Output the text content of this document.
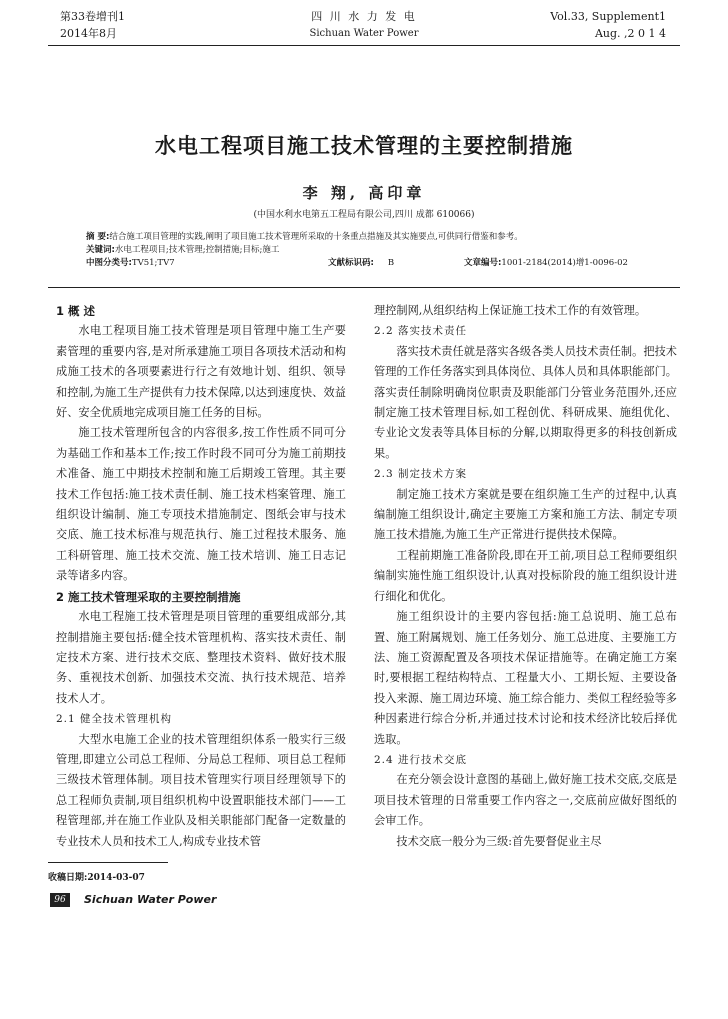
第33卷增刊1
2014年8月
四 川 水 力 发 电
Sichuan Water Power
Vol.33, Supplement1
Aug. ,2 0 1 4
水电工程项目施工技术管理的主要控制措施
李 翔, 高印章
(中国水利水电第五工程局有限公司,四川 成都 610066)
摘 要:结合施工项目管理的实践,阐明了项目施工技术管理所采取的十条重点措施及其实施要点,可供同行借鉴和参考。
关键词:水电工程项目;技术管理;控制措施;目标;施工
中图分类号:TV51;TV7	文献标识码: B	文章编号:1001-2184(2014)增1-0096-02
1 概 述

水电工程项目施工技术管理是项目管理中施工生产要素管理的重要内容,是对所承建施工项目各项技术活动和构成施工技术的各项要素进行行之有效地计划、组织、领导和控制,为施工生产提供有力技术保障,以达到速度快、效益好、安全优质地完成项目施工任务的目标。

施工技术管理所包含的内容很多,按工作性质不同可分为基础工作和基本工作;按工作时段不同可分为施工前期技术准备、施工中期技术控制和施工后期竣工管理。其主要技术工作包括:施工技术责任制、施工技术档案管理、施工组织设计编制、施工专项技术措施制定、图纸会审与技术交底、施工技术标准与规范执行、施工过程技术服务、施工科研管理、施工技术交流、施工技术培训、施工日志记录等诸多内容。

2 施工技术管理采取的主要控制措施

水电工程施工技术管理是项目管理的重要组成部分,其控制措施主要包括:健全技术管理机构、落实技术责任、制定技术方案、进行技术交底、整理技术资料、做好技术服务、重视技术创新、加强技术交流、执行技术规范、培养技术人才。

2.1 健全技术管理机构

大型水电施工企业的技术管理组织体系一般实行三级管理,即建立公司总工程师、分局总工程师、项目总工程师三级技术管理体制。项目技术管理实行项目经理领导下的总工程师负责制,项目组织机构中设置职能技术部门——工程管理部,并在施工作业队及相关职能部门配备一定数量的专业技术人员和技术工人,构成专业技术管

理控制网,从组织结构上保证施工技术工作的有效管理。
2.2 落实技术责任

落实技术责任就是落实各级各类人员技术责任制。把技术管理的工作任务落实到具体岗位、具体人员和具体职能部门。落实责任制除明确岗位职责及职能部门分管业务范围外,还应制定施工技术管理目标,如工程创优、科研成果、施组优化、专业论文发表等具体目标的分解,以期取得更多的科技创新成果。

2.3 制定技术方案

制定施工技术方案就是要在组织施工生产的过程中,认真编制施工组织设计,确定主要施工方案和施工方法、制定专项施工技术措施,为施工生产正常进行提供技术保障。

工程前期施工准备阶段,即在开工前,项目总工程师要组织编制实施性施工组织设计,认真对投标阶段的施工组织设计进行细化和优化。

施工组织设计的主要内容包括:施工总说明、施工总布置、施工附属规划、施工任务划分、施工总进度、主要施工方法、施工资源配置及各项技术保证措施等。在确定施工方案时,要根据工程结构特点、工程量大小、工期长短、主要设备投入来源、施工周边环境、施工综合能力、类似工程经验等多种因素进行综合分析,并通过技术讨论和技术经济比较后择优选取。

2.4 进行技术交底

在充分领会设计意图的基础上,做好施工技术交底,交底是项目技术管理的日常重要工作内容之一,交底前应做好图纸的会审工作。

技术交底一般分为三级:首先要督促业主尽

收稿日期:2014-03-07
96	Sichuan Water Power
